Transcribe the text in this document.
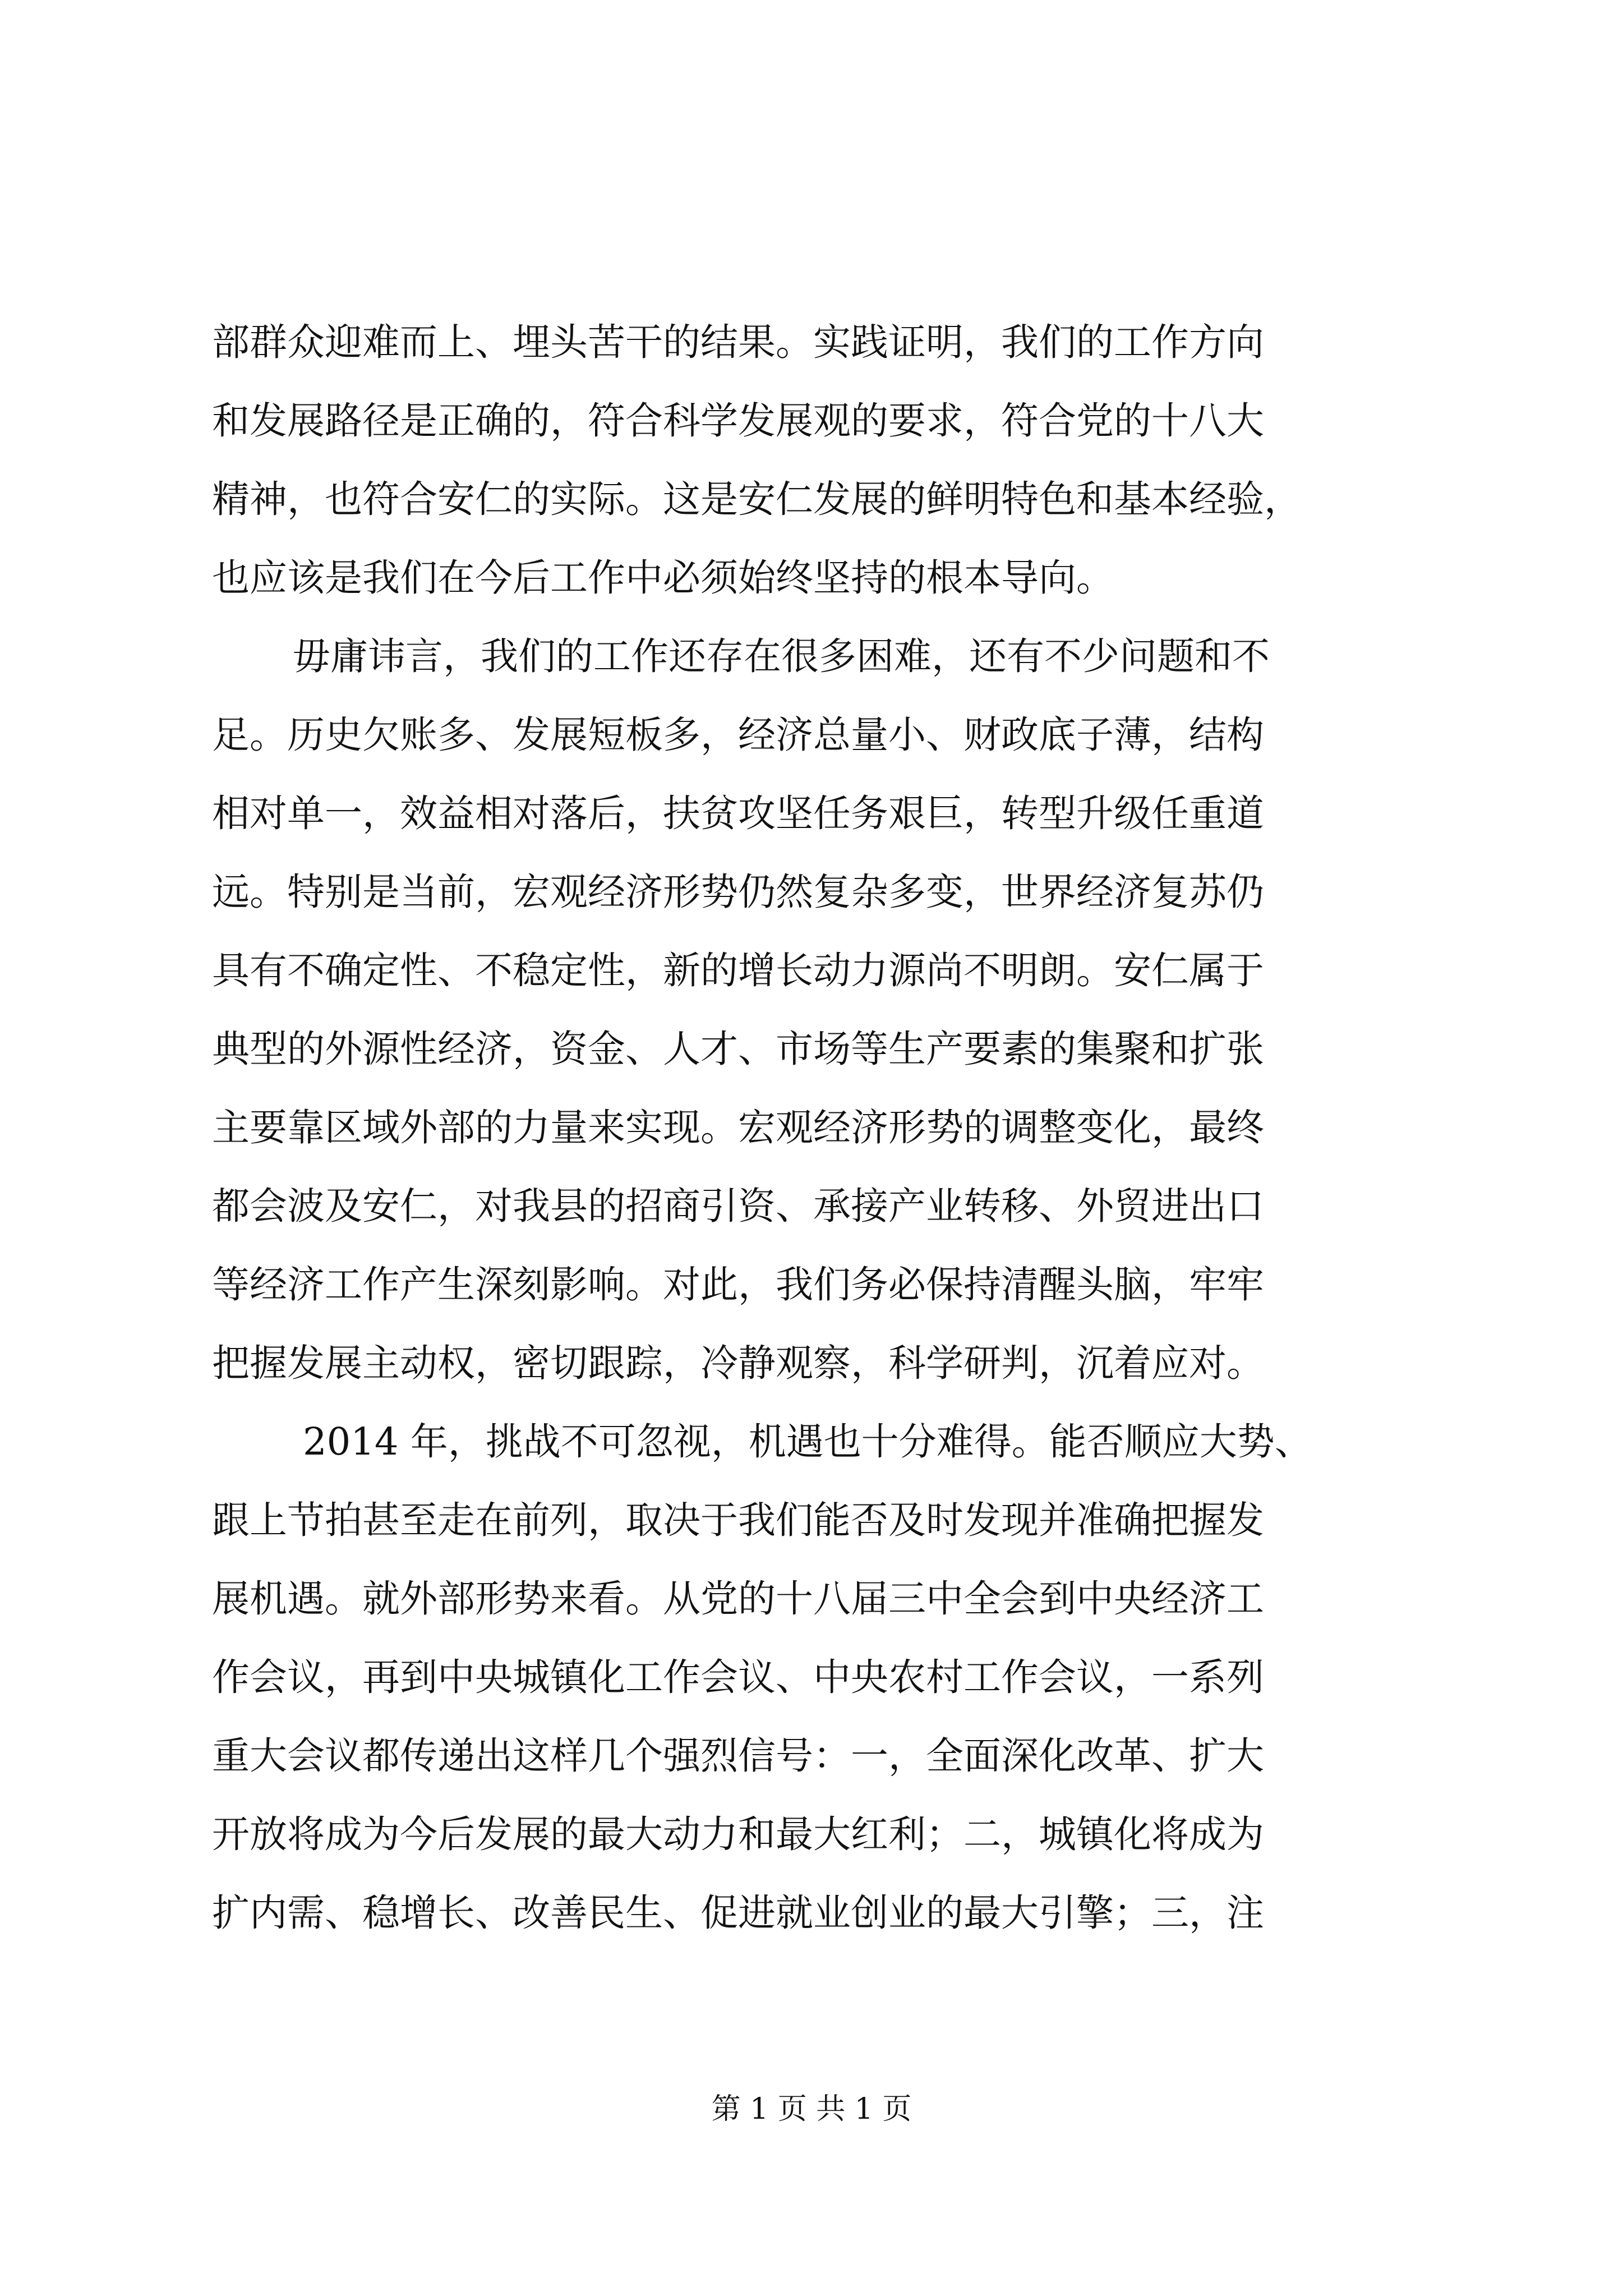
部群众迎难而上、埋头苦干的结果。实践证明，我们的工作方向
和发展路径是正确的，符合科学发展观的要求，符合党的十八大
精神，也符合安仁的实际。这是安仁发展的鲜明特色和基本经验，
也应该是我们在今后工作中必须始终坚持的根本导向。
毋庸讳言，我们的工作还存在很多困难，还有不少问题和不
足。历史欠账多、发展短板多，经济总量小、财政底子薄，结构
相对单一，效益相对落后，扶贫攻坚任务艰巨，转型升级任重道
远。特别是当前，宏观经济形势仍然复杂多变，世界经济复苏仍
具有不确定性、不稳定性，新的增长动力源尚不明朗。安仁属于
典型的外源性经济，资金、人才、市场等生产要素的集聚和扩张
主要靠区域外部的力量来实现。宏观经济形势的调整变化，最终
都会波及安仁，对我县的招商引资、承接产业转移、外贸进出口
等经济工作产生深刻影响。对此，我们务必保持清醒头脑，牢牢
把握发展主动权，密切跟踪，冷静观察，科学研判，沉着应对。
2014 年，挑战不可忽视，机遇也十分难得。能否顺应大势、
跟上节拍甚至走在前列，取决于我们能否及时发现并准确把握发
展机遇。就外部形势来看。从党的十八届三中全会到中央经济工
作会议，再到中央城镇化工作会议、中央农村工作会议，一系列
重大会议都传递出这样几个强烈信号：一，全面深化改革、扩大
开放将成为今后发展的最大动力和最大红利；二，城镇化将成为
扩内需、稳增长、改善民生、促进就业创业的最大引擎；三，注
第 1 页 共 1 页
